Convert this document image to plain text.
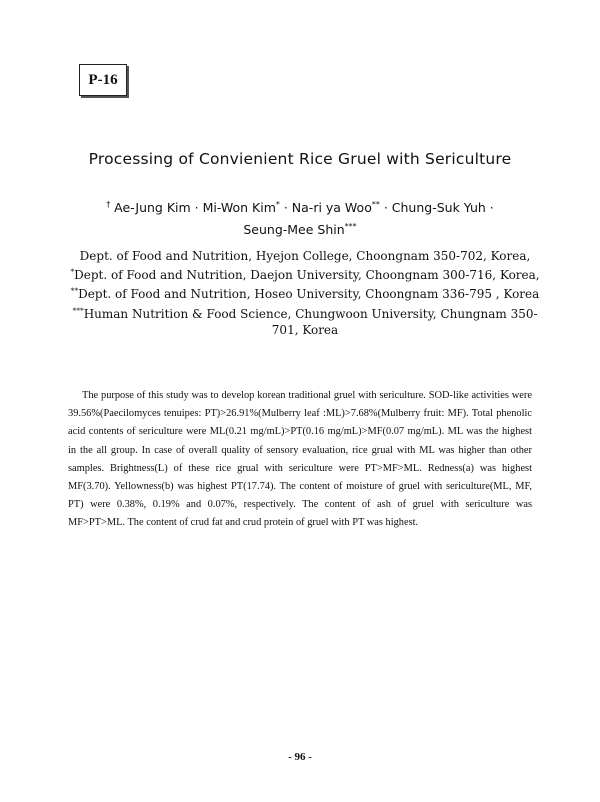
P-16
Processing of Convienient Rice Gruel with Sericulture
† Ae-Jung Kim · Mi-Won Kim* · Na-ri ya Woo** · Chung-Suk Yuh ·
Seung-Mee Shin***

Dept. of Food and Nutrition, Hyejon College, Choongnam 350-702, Korea,

*Dept. of Food and Nutrition, Daejon University, Choongnam 300-716, Korea,

**Dept. of Food and Nutrition, Hoseo University, Choongnam 336-795 , Korea

***Human Nutrition & Food Science, Chungwoon University, Chungnam 350-701, Korea

The purpose of this study was to develop korean traditional gruel with sericulture. SOD-like activities were 39.56%(Paecilomyces tenuipes: PT)>26.91%(Mulberry leaf :ML)>7.68%(Mulberry fruit: MF). Total phenolic acid contents of sericulture were ML(0.21 mg/mL)>PT(0.16 mg/mL)>MF(0.07 mg/mL). ML was the highest in the all group. In case of overall quality of sensory evaluation, rice grual with ML was higher than other samples. Brightness(L) of these rice grual with sericulture were PT>MF>ML. Redness(a) was highest MF(3.70). Yellowness(b) was highest PT(17.74). The content of moisture of gruel with sericulture(ML, MF, PT) were 0.38%, 0.19% and 0.07%, respectively. The content of ash of gruel with sericulture was MF>PT>ML. The content of crud fat and crud protein of gruel with PT was highest.

- 96 -
